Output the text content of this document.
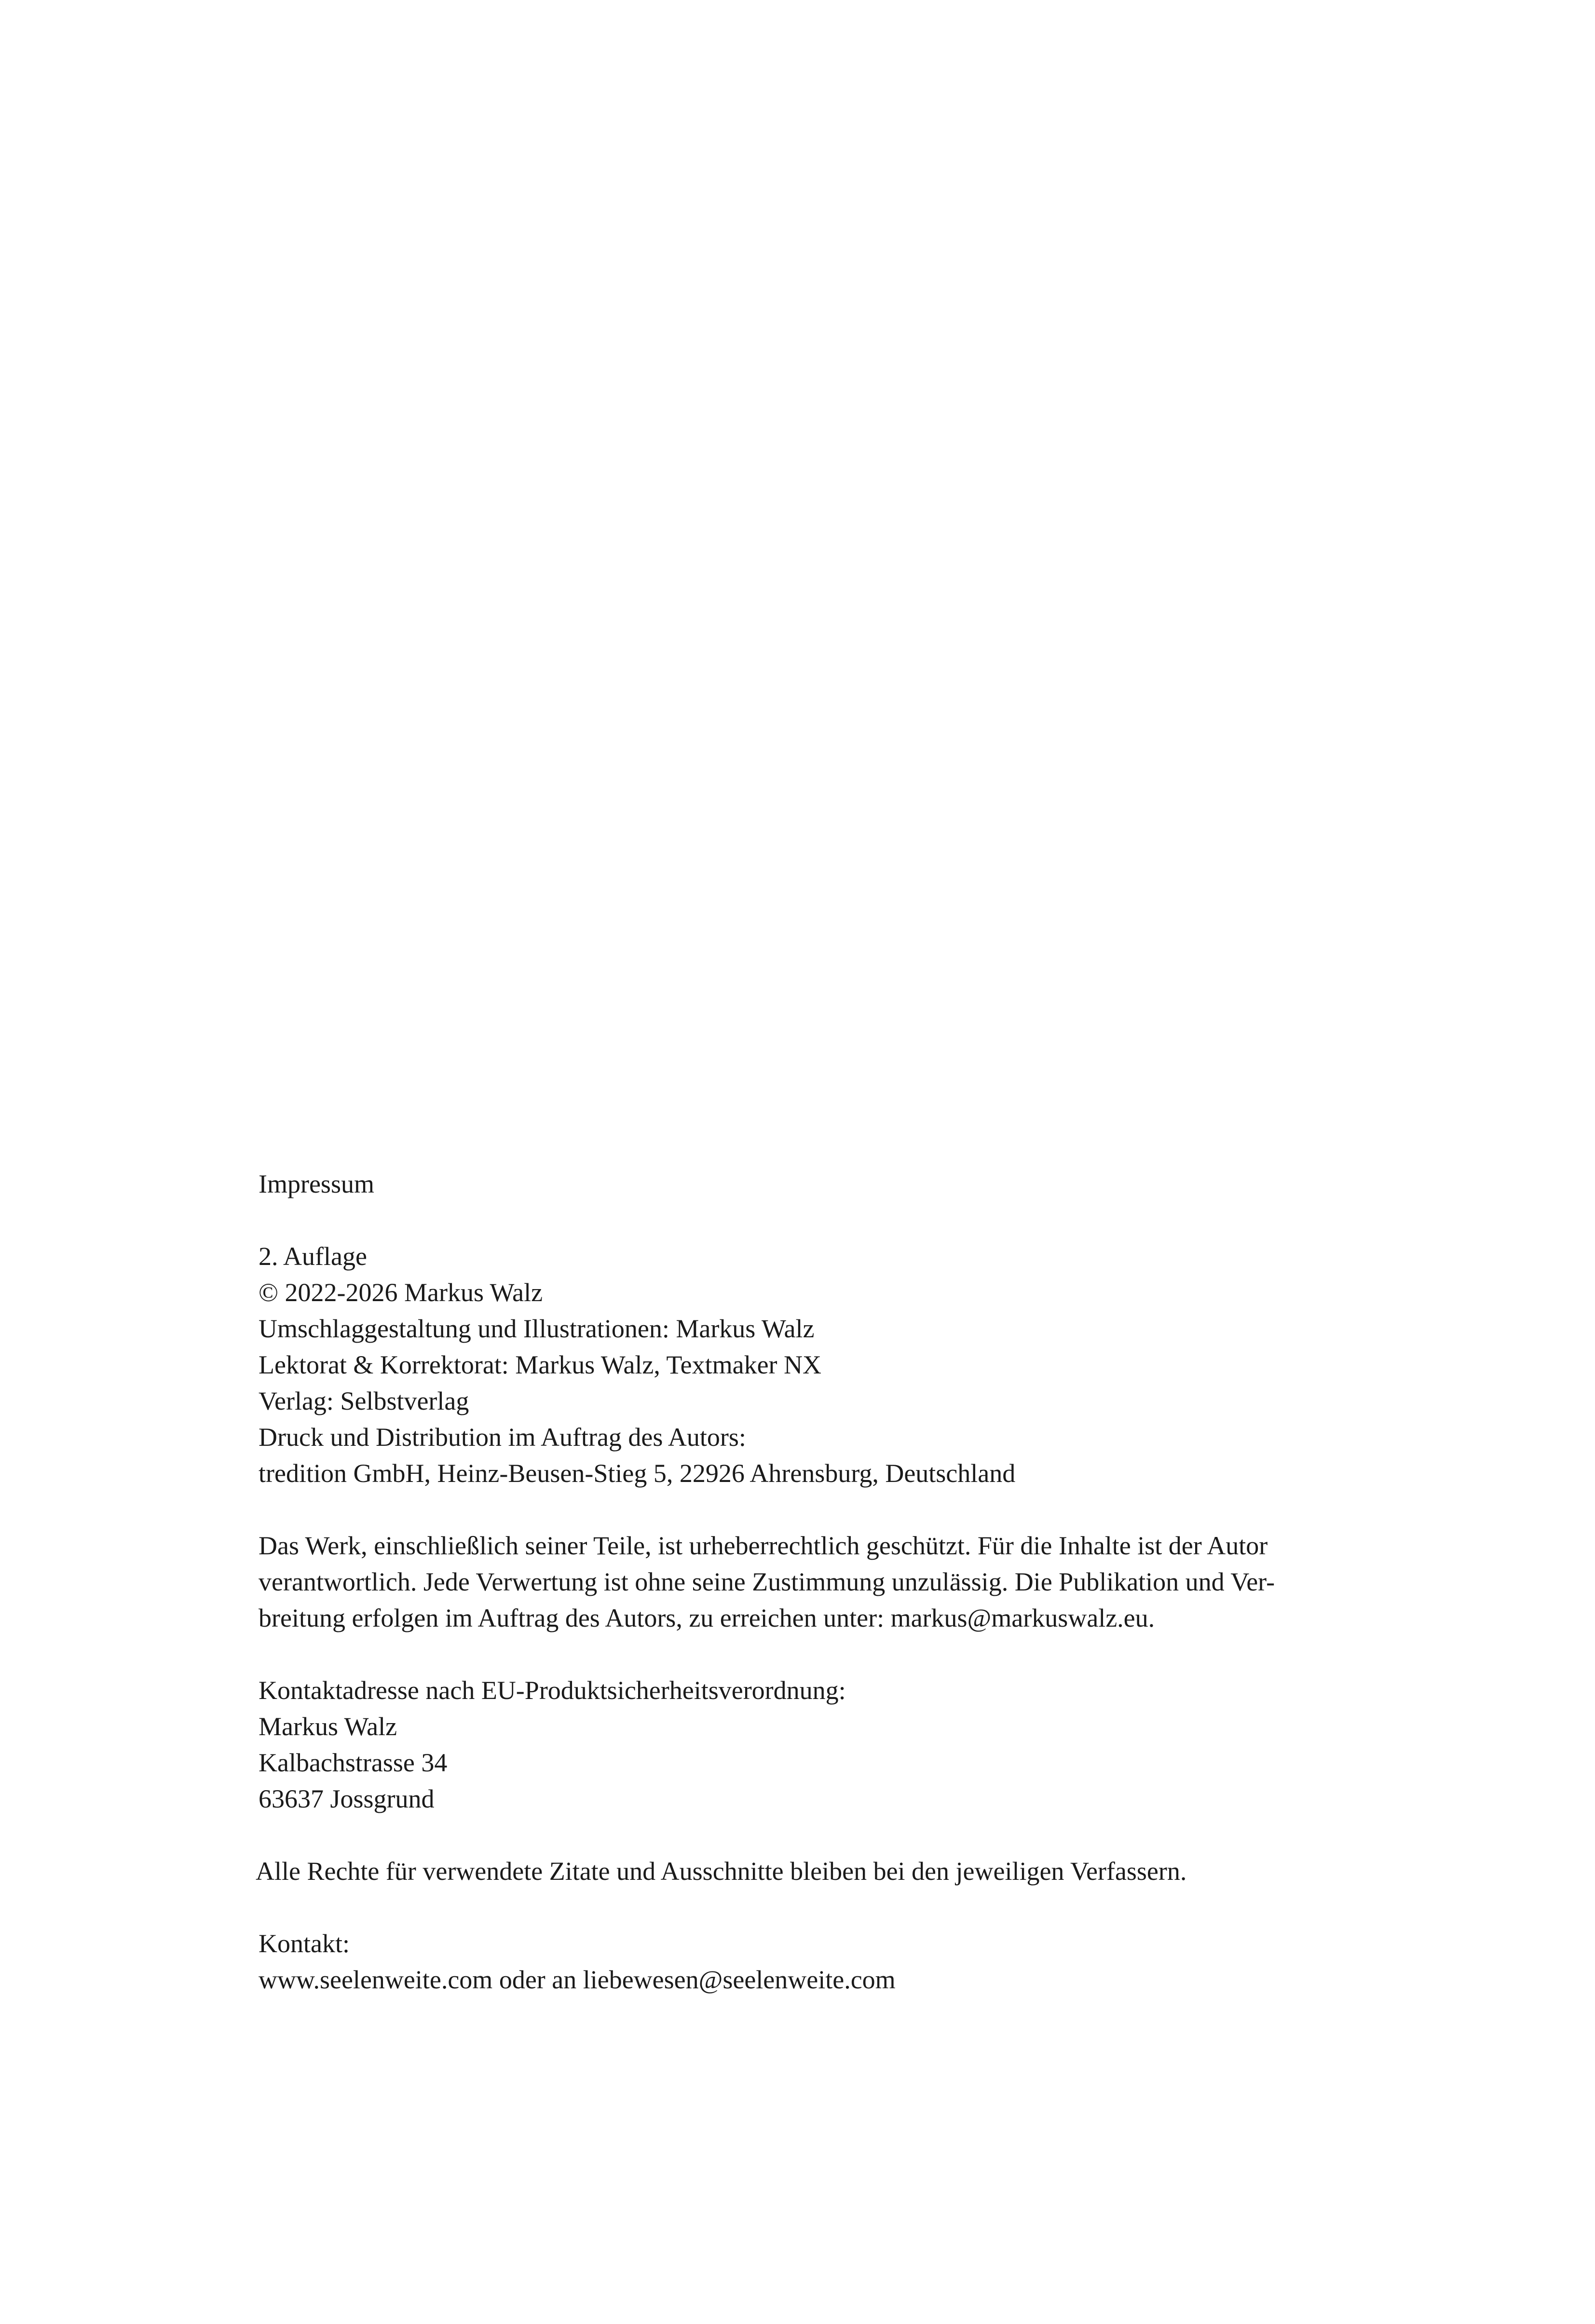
Impressum
2. Auflage
© 2022-2026 Markus Walz
Umschlaggestaltung und Illustrationen: Markus Walz
Lektorat & Korrektorat: Markus Walz, Textmaker NX
Verlag: Selbstverlag
Druck und Distribution im Auftrag des Autors:
tredition GmbH, Heinz-Beusen-Stieg 5, 22926 Ahrensburg, Deutschland
Das Werk, einschließlich seiner Teile, ist urheberrechtlich geschützt. Für die Inhalte ist der Autor
verantwortlich. Jede Verwertung ist ohne seine Zustimmung unzulässig. Die Publikation und Ver-
breitung erfolgen im Auftrag des Autors, zu erreichen unter: markus@markuswalz.eu.
Kontaktadresse nach EU-Produktsicherheitsverordnung:
Markus Walz
Kalbachstrasse 34
63637 Jossgrund
Alle Rechte für verwendete Zitate und Ausschnitte bleiben bei den jeweiligen Verfassern.
Kontakt:
www.seelenweite.com oder an liebewesen@seelenweite.com
